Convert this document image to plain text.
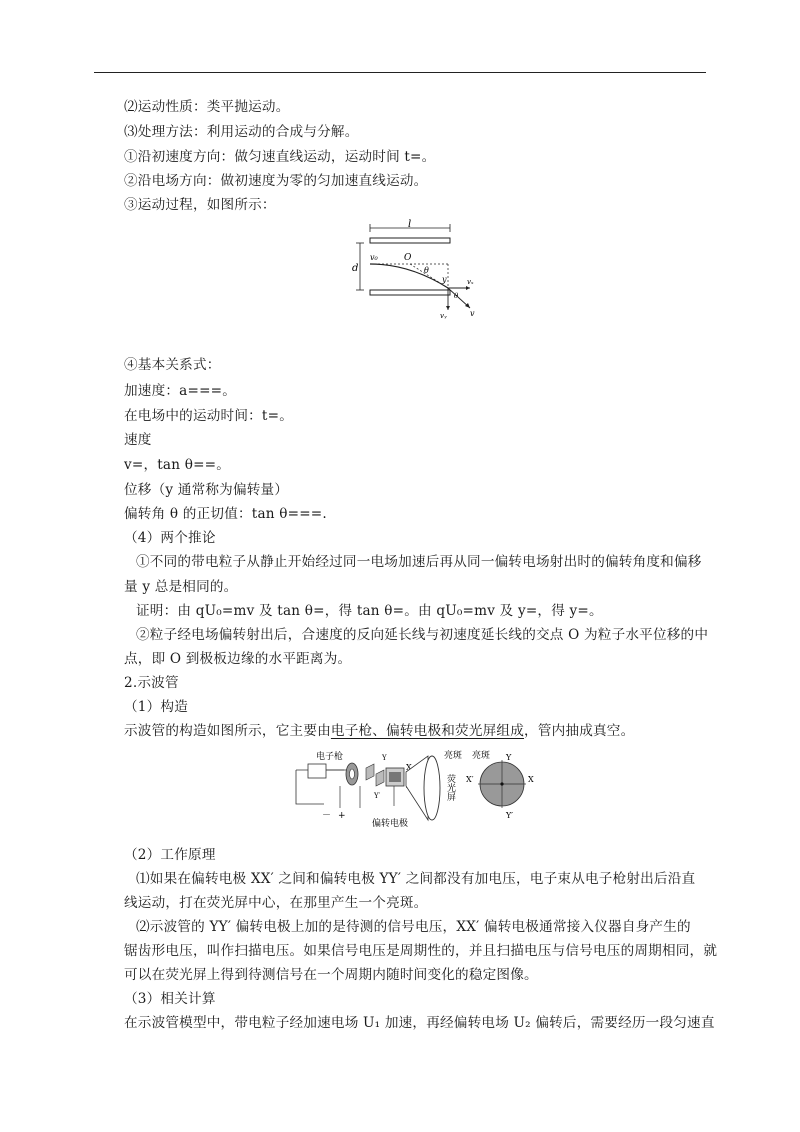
⑵运动性质：类平抛运动。
⑶处理方法：利用运动的合成与分解。
①沿初速度方向：做匀速直线运动，运动时间 t=。
②沿电场方向：做初速度为零的匀加速直线运动。
③运动过程，如图所示：
l
d
v₀	O
θ
y	vₓ
vᵧ	v
θ
④基本关系式：
加速度：a===。
在电场中的运动时间：t=。
速度
v=，tan θ==。
位移（y 通常称为偏转量）
偏转角 θ 的正切值：tan θ===.
（4）两个推论
①不同的带电粒子从静止开始经过同一电场加速后再从同一偏转电场射出时的偏转角度和偏移
量 y 总是相同的。
证明：由 qU₀=mv 及 tan θ=，得 tan θ=。由 qU₀=mv 及 y=，得 y=。
②粒子经电场偏转射出后，合速度的反向延长线与初速度延长线的交点 O 为粒子水平位移的中
点，即 O 到极板边缘的水平距离为。
2.示波管
（1）构造
示波管的构造如图所示，它主要由电子枪、偏转电极和荧光屏组成，管内抽成真空。
电子枪
X
Y
Y′
－ +
偏转电极
亮斑
荧光屏
亮斑 Y
Y′
X′	X
（2）工作原理
⑴如果在偏转电极 XX′ 之间和偏转电极 YY′ 之间都没有加电压，电子束从电子枪射出后沿直
线运动，打在荧光屏中心，在那里产生一个亮斑。
⑵示波管的 YY′ 偏转电极上加的是待测的信号电压，XX′ 偏转电极通常接入仪器自身产生的
锯齿形电压，叫作扫描电压。如果信号电压是周期性的，并且扫描电压与信号电压的周期相同，就
可以在荧光屏上得到待测信号在一个周期内随时间变化的稳定图像。
（3）相关计算
在示波管模型中，带电粒子经加速电场 U₁ 加速，再经偏转电场 U₂ 偏转后，需要经历一段匀速直
